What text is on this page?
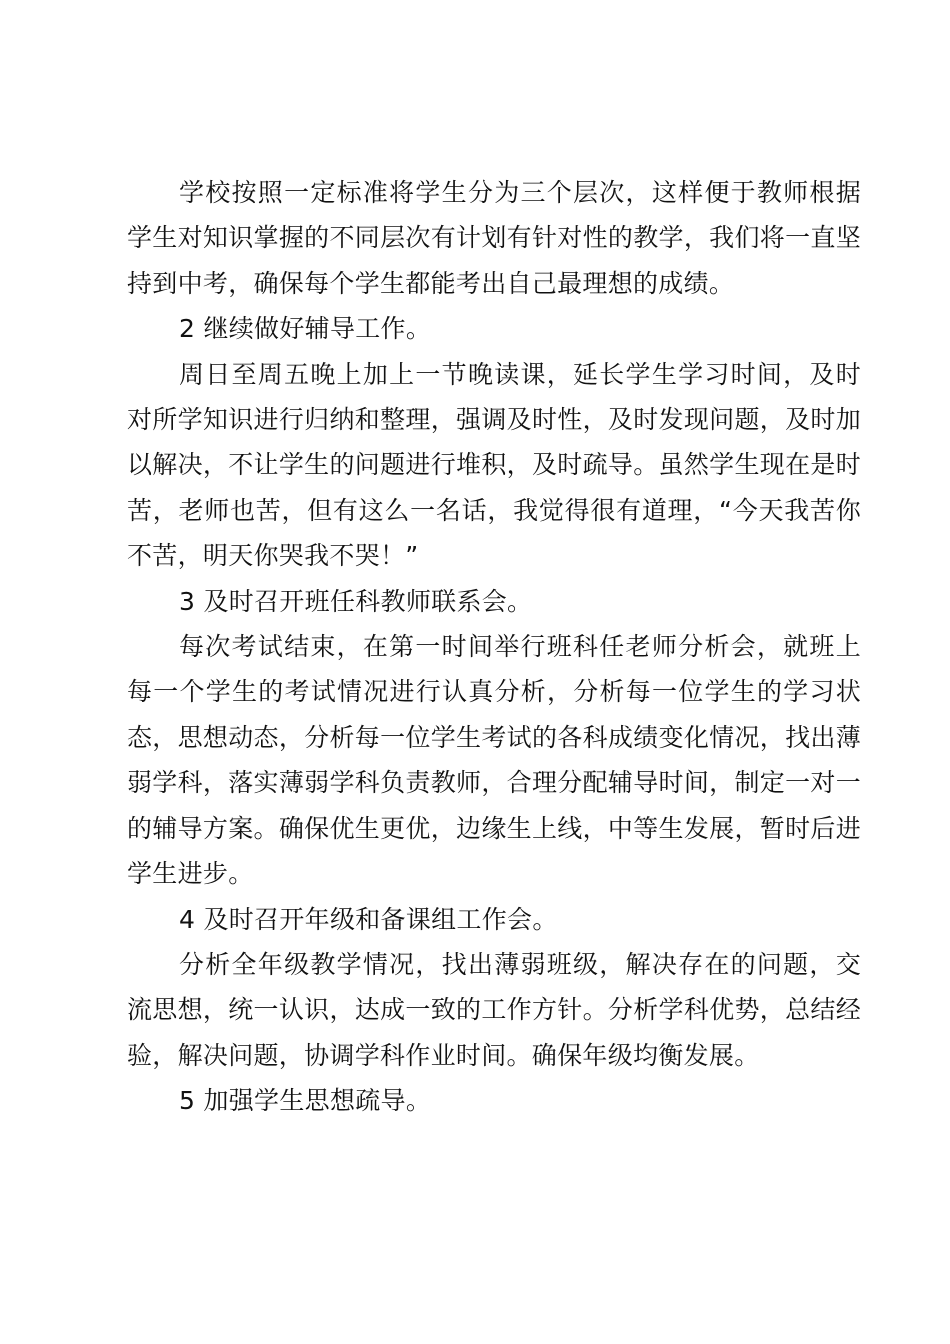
学校按照一定标准将学生分为三个层次，这样便于教师根据学生对知识掌握的不同层次有计划有针对性的教学，我们将一直坚持到中考，确保每个学生都能考出自己最理想的成绩。

2 继续做好辅导工作。

周日至周五晚上加上一节晚读课，延长学生学习时间，及时对所学知识进行归纳和整理，强调及时性，及时发现问题，及时加以解决，不让学生的问题进行堆积，及时疏导。虽然学生现在是时苦，老师也苦，但有这么一名话，我觉得很有道理，“今天我苦你不苦，明天你哭我不哭！”

3 及时召开班任科教师联系会。

每次考试结束，在第一时间举行班科任老师分析会，就班上每一个学生的考试情况进行认真分析，分析每一位学生的学习状态，思想动态，分析每一位学生考试的各科成绩变化情况，找出薄弱学科，落实薄弱学科负责教师，合理分配辅导时间，制定一对一的辅导方案。确保优生更优，边缘生上线，中等生发展，暂时后进学生进步。

4 及时召开年级和备课组工作会。

分析全年级教学情况，找出薄弱班级，解决存在的问题，交流思想，统一认识，达成一致的工作方针。分析学科优势，总结经验，解决问题，协调学科作业时间。确保年级均衡发展。

5 加强学生思想疏导。
